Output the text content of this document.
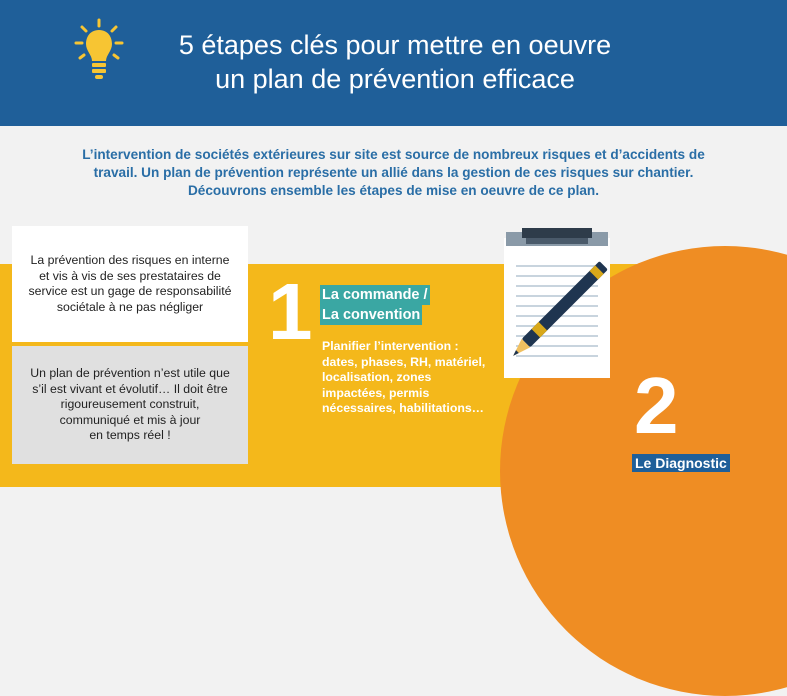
5 étapes clés pour mettre en oeuvre
un plan de prévention efficace
L’intervention de sociétés extérieures sur site est source de nombreux risques et d’accidents de
travail. Un plan de prévention représente un allié dans la gestion de ces risques sur chantier.
Découvrons ensemble les étapes de mise en oeuvre de ce plan.
La prévention des risques en interne
et vis à vis de ses prestataires de
service est un gage de responsabilité
sociétale à ne pas négliger
Un plan de prévention n’est utile que
s’il est vivant et évolutif… Il doit être
rigoureusement construit,
communiqué et mis à jour
en temps réel !
1 La commande /
La convention
Planifier l’intervention :
dates, phases, RH, matériel,
localisation, zones
impactées, permis
nécessaires, habilitations…	2
Le Diagnostic
